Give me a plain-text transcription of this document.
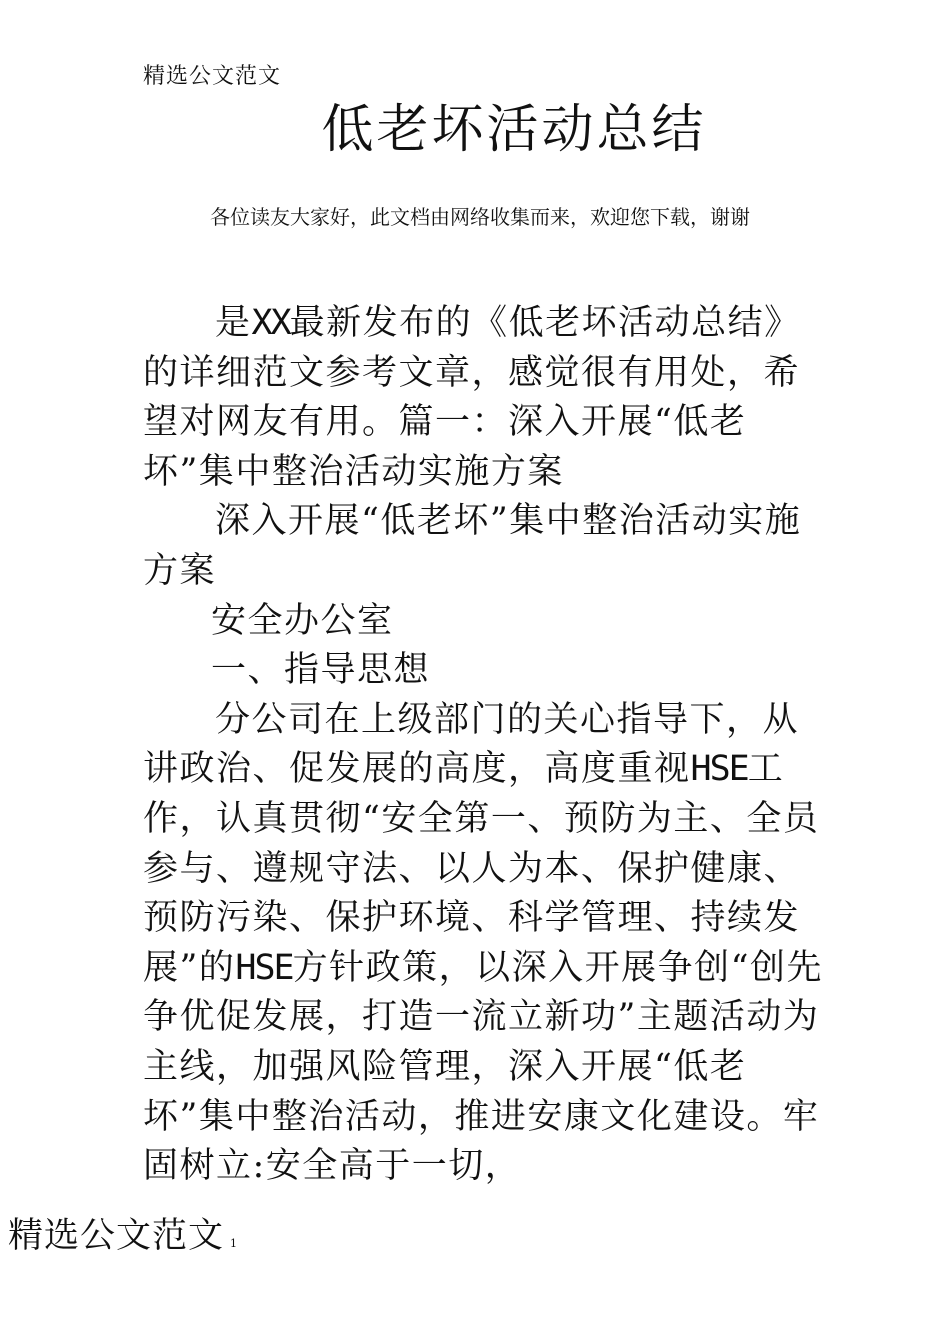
精选公文范文
低老坏活动总结
各位读友大家好，此文档由网络收集而来，欢迎您下载，谢谢

是XX最新发布的《低老坏活动总结》的详细范文参考文章，感觉很有用处，希望对网友有用。篇一：深入开展“低老坏”集中整治活动实施方案

深入开展“低老坏”集中整治活动实施方案

安全办公室

一、指导思想

分公司在上级部门的关心指导下，从讲政治、促发展的高度，高度重视HSE工作，认真贯彻“安全第一、预防为主、全员参与、遵规守法、以人为本、保护健康、预防污染、保护环境、科学管理、持续发展”的HSE方针政策，以深入开展争创“创先争优促发展，打造一流立新功”主题活动为主线，加强风险管理，深入开展“低老坏”集中整治活动，推进安康文化建设。牢固树立:安全高于一切，

精选公文范文 1
